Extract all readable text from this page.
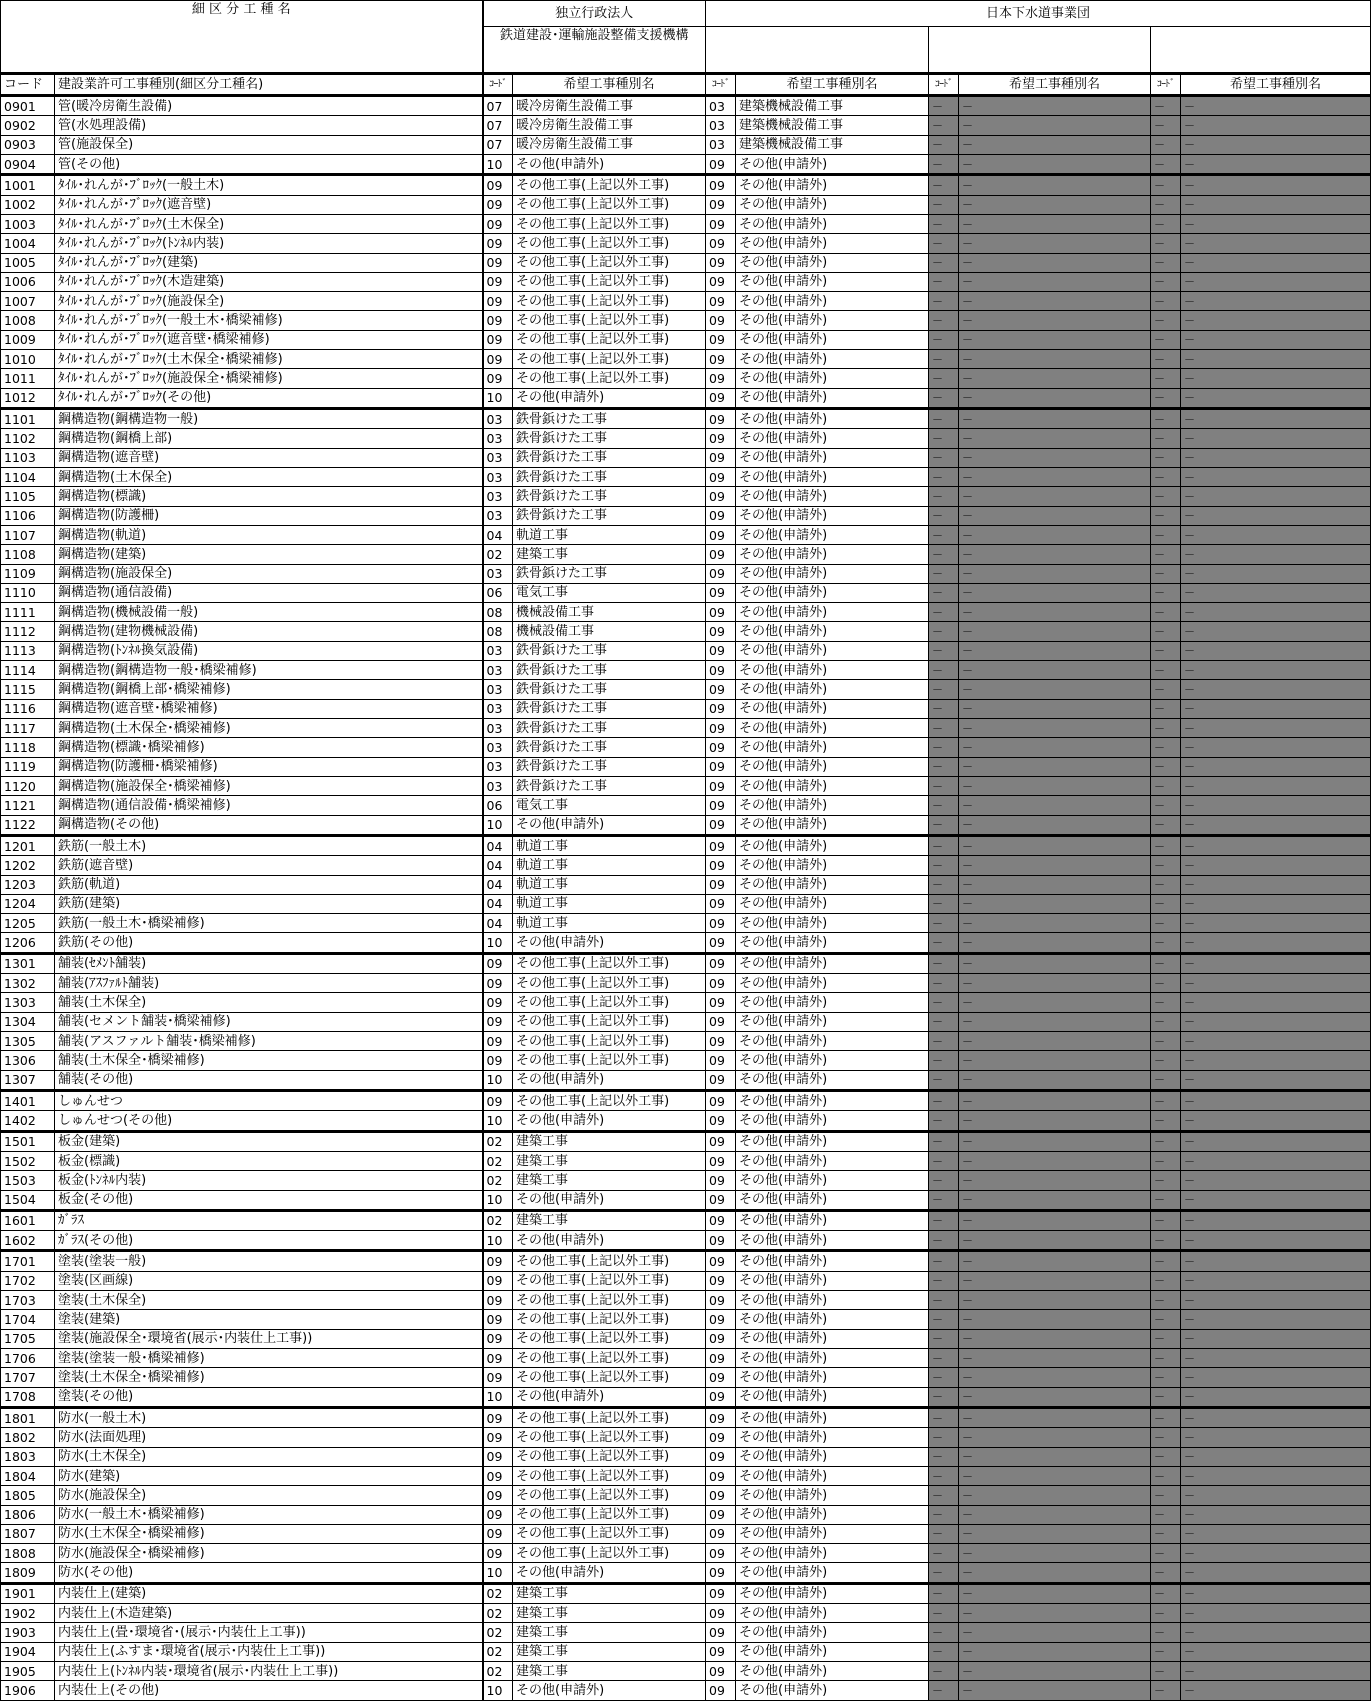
細 区 分 工 種 名		独立行政法人		日本下水道事業団					
		鉄道建設･運輸施設整備支援機構							
コード	建設業許可工事種別(細区分工種名)	ｺｰﾄﾞ	希望工事種別名	ｺｰﾄﾞ	希望工事種別名	ｺｰﾄﾞ	希望工事種別名	ｺｰﾄﾞ	希望工事種別名
0901	管(暖冷房衛生設備)	07	暖冷房衛生設備工事	03	建築機械設備工事	－	－	－	－
0902	管(水処理設備)	07	暖冷房衛生設備工事	03	建築機械設備工事	－	－	－	－
0903	管(施設保全)	07	暖冷房衛生設備工事	03	建築機械設備工事	－	－	－	－
0904	管(その他)	10	その他(申請外)	09	その他(申請外)	－	－	－	－
1001	ﾀｲﾙ･れんが･ﾌﾞﾛｯｸ(一般土木)	09	その他工事(上記以外工事)	09	その他(申請外)	－	－	－	－
1002	ﾀｲﾙ･れんが･ﾌﾞﾛｯｸ(遮音壁)	09	その他工事(上記以外工事)	09	その他(申請外)	－	－	－	－
1003	ﾀｲﾙ･れんが･ﾌﾞﾛｯｸ(土木保全)	09	その他工事(上記以外工事)	09	その他(申請外)	－	－	－	－
1004	ﾀｲﾙ･れんが･ﾌﾞﾛｯｸ(ﾄﾝﾈﾙ内装)	09	その他工事(上記以外工事)	09	その他(申請外)	－	－	－	－
1005	ﾀｲﾙ･れんが･ﾌﾞﾛｯｸ(建築)	09	その他工事(上記以外工事)	09	その他(申請外)	－	－	－	－
1006	ﾀｲﾙ･れんが･ﾌﾞﾛｯｸ(木造建築)	09	その他工事(上記以外工事)	09	その他(申請外)	－	－	－	－
1007	ﾀｲﾙ･れんが･ﾌﾞﾛｯｸ(施設保全)	09	その他工事(上記以外工事)	09	その他(申請外)	－	－	－	－
1008	ﾀｲﾙ･れんが･ﾌﾞﾛｯｸ(一般土木･橋梁補修)	09	その他工事(上記以外工事)	09	その他(申請外)	－	－	－	－
1009	ﾀｲﾙ･れんが･ﾌﾞﾛｯｸ(遮音壁･橋梁補修)	09	その他工事(上記以外工事)	09	その他(申請外)	－	－	－	－
1010	ﾀｲﾙ･れんが･ﾌﾞﾛｯｸ(土木保全･橋梁補修)	09	その他工事(上記以外工事)	09	その他(申請外)	－	－	－	－
1011	ﾀｲﾙ･れんが･ﾌﾞﾛｯｸ(施設保全･橋梁補修)	09	その他工事(上記以外工事)	09	その他(申請外)	－	－	－	－
1012	ﾀｲﾙ･れんが･ﾌﾞﾛｯｸ(その他)	10	その他(申請外)	09	その他(申請外)	－	－	－	－
1101	鋼構造物(鋼構造物一般)	03	鉄骨鋲けた工事	09	その他(申請外)	－	－	－	－
1102	鋼構造物(鋼橋上部)	03	鉄骨鋲けた工事	09	その他(申請外)	－	－	－	－
1103	鋼構造物(遮音壁)	03	鉄骨鋲けた工事	09	その他(申請外)	－	－	－	－
1104	鋼構造物(土木保全)	03	鉄骨鋲けた工事	09	その他(申請外)	－	－	－	－
1105	鋼構造物(標識)	03	鉄骨鋲けた工事	09	その他(申請外)	－	－	－	－
1106	鋼構造物(防護柵)	03	鉄骨鋲けた工事	09	その他(申請外)	－	－	－	－
1107	鋼構造物(軌道)	04	軌道工事	09	その他(申請外)	－	－	－	－
1108	鋼構造物(建築)	02	建築工事	09	その他(申請外)	－	－	－	－
1109	鋼構造物(施設保全)	03	鉄骨鋲けた工事	09	その他(申請外)	－	－	－	－
1110	鋼構造物(通信設備)	06	電気工事	09	その他(申請外)	－	－	－	－
1111	鋼構造物(機械設備一般)	08	機械設備工事	09	その他(申請外)	－	－	－	－
1112	鋼構造物(建物機械設備)	08	機械設備工事	09	その他(申請外)	－	－	－	－
1113	鋼構造物(ﾄﾝﾈﾙ換気設備)	03	鉄骨鋲けた工事	09	その他(申請外)	－	－	－	－
1114	鋼構造物(鋼構造物一般･橋梁補修)	03	鉄骨鋲けた工事	09	その他(申請外)	－	－	－	－
1115	鋼構造物(鋼橋上部･橋梁補修)	03	鉄骨鋲けた工事	09	その他(申請外)	－	－	－	－
1116	鋼構造物(遮音壁･橋梁補修)	03	鉄骨鋲けた工事	09	その他(申請外)	－	－	－	－
1117	鋼構造物(土木保全･橋梁補修)	03	鉄骨鋲けた工事	09	その他(申請外)	－	－	－	－
1118	鋼構造物(標識･橋梁補修)	03	鉄骨鋲けた工事	09	その他(申請外)	－	－	－	－
1119	鋼構造物(防護柵･橋梁補修)	03	鉄骨鋲けた工事	09	その他(申請外)	－	－	－	－
1120	鋼構造物(施設保全･橋梁補修)	03	鉄骨鋲けた工事	09	その他(申請外)	－	－	－	－
1121	鋼構造物(通信設備･橋梁補修)	06	電気工事	09	その他(申請外)	－	－	－	－
1122	鋼構造物(その他)	10	その他(申請外)	09	その他(申請外)	－	－	－	－
1201	鉄筋(一般土木)	04	軌道工事	09	その他(申請外)	－	－	－	－
1202	鉄筋(遮音壁)	04	軌道工事	09	その他(申請外)	－	－	－	－
1203	鉄筋(軌道)	04	軌道工事	09	その他(申請外)	－	－	－	－
1204	鉄筋(建築)	04	軌道工事	09	その他(申請外)	－	－	－	－
1205	鉄筋(一般土木･橋梁補修)	04	軌道工事	09	その他(申請外)	－	－	－	－
1206	鉄筋(その他)	10	その他(申請外)	09	その他(申請外)	－	－	－	－
1301	舗装(ｾﾒﾝﾄ舗装)	09	その他工事(上記以外工事)	09	その他(申請外)	－	－	－	－
1302	舗装(ｱｽﾌｧﾙﾄ舗装)	09	その他工事(上記以外工事)	09	その他(申請外)	－	－	－	－
1303	舗装(土木保全)	09	その他工事(上記以外工事)	09	その他(申請外)	－	－	－	－
1304	舗装(セメント舗装･橋梁補修)	09	その他工事(上記以外工事)	09	その他(申請外)	－	－	－	－
1305	舗装(アスファルト舗装･橋梁補修)	09	その他工事(上記以外工事)	09	その他(申請外)	－	－	－	－
1306	舗装(土木保全･橋梁補修)	09	その他工事(上記以外工事)	09	その他(申請外)	－	－	－	－
1307	舗装(その他)	10	その他(申請外)	09	その他(申請外)	－	－	－	－
1401	しゅんせつ	09	その他工事(上記以外工事)	09	その他(申請外)	－	－	－	－
1402	しゅんせつ(その他)	10	その他(申請外)	09	その他(申請外)	－	－	－	－
1501	板金(建築)	02	建築工事	09	その他(申請外)	－	－	－	－
1502	板金(標識)	02	建築工事	09	その他(申請外)	－	－	－	－
1503	板金(ﾄﾝﾈﾙ内装)	02	建築工事	09	その他(申請外)	－	－	－	－
1504	板金(その他)	10	その他(申請外)	09	その他(申請外)	－	－	－	－
1601	ｶﾞﾗｽ	02	建築工事	09	その他(申請外)	－	－	－	－
1602	ｶﾞﾗｽ(その他)	10	その他(申請外)	09	その他(申請外)	－	－	－	－
1701	塗装(塗装一般)	09	その他工事(上記以外工事)	09	その他(申請外)	－	－	－	－
1702	塗装(区画線)	09	その他工事(上記以外工事)	09	その他(申請外)	－	－	－	－
1703	塗装(土木保全)	09	その他工事(上記以外工事)	09	その他(申請外)	－	－	－	－
1704	塗装(建築)	09	その他工事(上記以外工事)	09	その他(申請外)	－	－	－	－
1705	塗装(施設保全･環境省(展示･内装仕上工事))	09	その他工事(上記以外工事)	09	その他(申請外)	－	－	－	－
1706	塗装(塗装一般･橋梁補修)	09	その他工事(上記以外工事)	09	その他(申請外)	－	－	－	－
1707	塗装(土木保全･橋梁補修)	09	その他工事(上記以外工事)	09	その他(申請外)	－	－	－	－
1708	塗装(その他)	10	その他(申請外)	09	その他(申請外)	－	－	－	－
1801	防水(一般土木)	09	その他工事(上記以外工事)	09	その他(申請外)	－	－	－	－
1802	防水(法面処理)	09	その他工事(上記以外工事)	09	その他(申請外)	－	－	－	－
1803	防水(土木保全)	09	その他工事(上記以外工事)	09	その他(申請外)	－	－	－	－
1804	防水(建築)	09	その他工事(上記以外工事)	09	その他(申請外)	－	－	－	－
1805	防水(施設保全)	09	その他工事(上記以外工事)	09	その他(申請外)	－	－	－	－
1806	防水(一般土木･橋梁補修)	09	その他工事(上記以外工事)	09	その他(申請外)	－	－	－	－
1807	防水(土木保全･橋梁補修)	09	その他工事(上記以外工事)	09	その他(申請外)	－	－	－	－
1808	防水(施設保全･橋梁補修)	09	その他工事(上記以外工事)	09	その他(申請外)	－	－	－	－
1809	防水(その他)	10	その他(申請外)	09	その他(申請外)	－	－	－	－
1901	内装仕上(建築)	02	建築工事	09	その他(申請外)	－	－	－	－
1902	内装仕上(木造建築)	02	建築工事	09	その他(申請外)	－	－	－	－
1903	内装仕上(畳･環境省･(展示･内装仕上工事))	02	建築工事	09	その他(申請外)	－	－	－	－
1904	内装仕上(ふすま･環境省(展示･内装仕上工事))	02	建築工事	09	その他(申請外)	－	－	－	－
1905	内装仕上(ﾄﾝﾈﾙ内装･環境省(展示･内装仕上工事))	02	建築工事	09	その他(申請外)	－	－	－	－
1906	内装仕上(その他)	10	その他(申請外)	09	その他(申請外)	－	－	－	－
